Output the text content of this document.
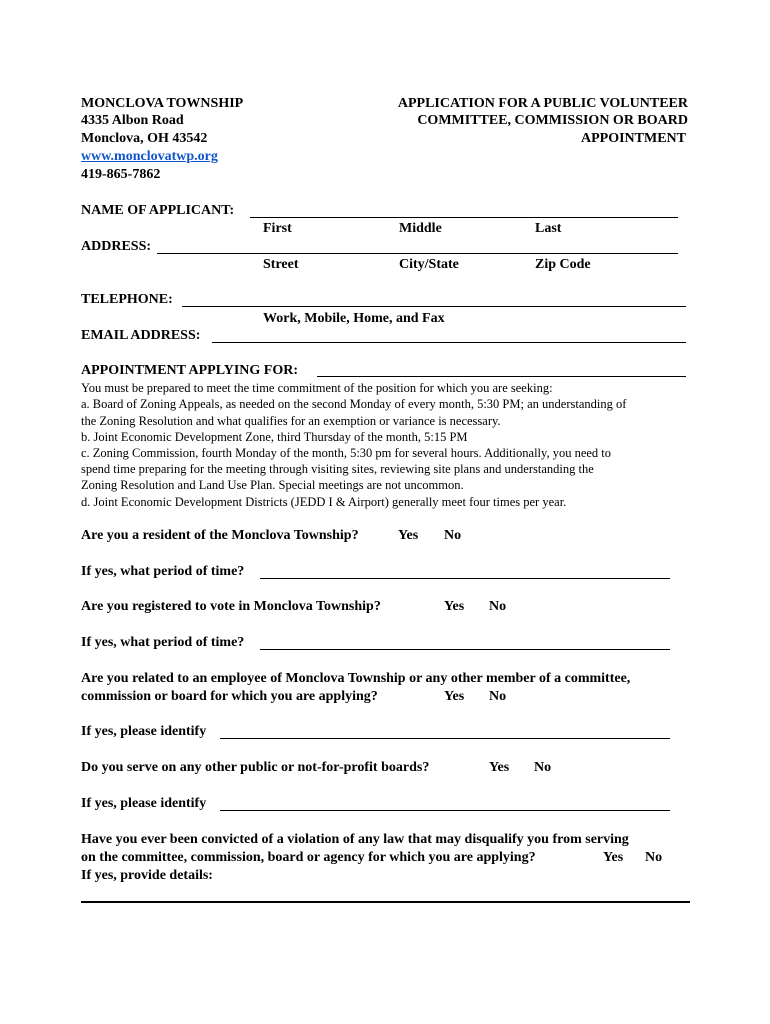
MONCLOVA TOWNSHIP
4335 Albon Road
Monclova, OH 43542
www.monclovatwp.org
419-865-7862
APPLICATION FOR A PUBLIC VOLUNTEER
COMMITTEE, COMMISSION OR BOARD
APPOINTMENT
NAME OF APPLICANT:
First	Middle	Last
ADDRESS:
Street	City/State	Zip Code
TELEPHONE:
Work, Mobile, Home, and Fax
EMAIL ADDRESS:
APPOINTMENT APPLYING FOR:
You must be prepared to meet the time commitment of the position for which you are seeking:
a. Board of Zoning Appeals, as needed on the second Monday of every month, 5:30 PM; an understanding of
the Zoning Resolution and what qualifies for an exemption or variance is necessary.
b. Joint Economic Development Zone, third Thursday of the month, 5:15 PM
c. Zoning Commission, fourth Monday of the month, 5:30 pm for several hours. Additionally, you need to
spend time preparing for the meeting through visiting sites, reviewing site plans and understanding the
Zoning Resolution and Land Use Plan. Special meetings are not uncommon.
d. Joint Economic Development Districts (JEDD I & Airport) generally meet four times per year.
Are you a resident of the Monclova Township?	Yes No
If yes, what period of time?
Are you registered to vote in Monclova Township?	Yes No
If yes, what period of time?
Are you related to an employee of Monclova Township or any other member of a committee,
commission or board for which you are applying?	Yes No
If yes, please identify
Do you serve on any other public or not-for-profit boards?	Yes No
If yes, please identify
Have you ever been convicted of a violation of any law that may disqualify you from serving
on the committee, commission, board or agency for which you are applying?	Yes No
If yes, provide details:
